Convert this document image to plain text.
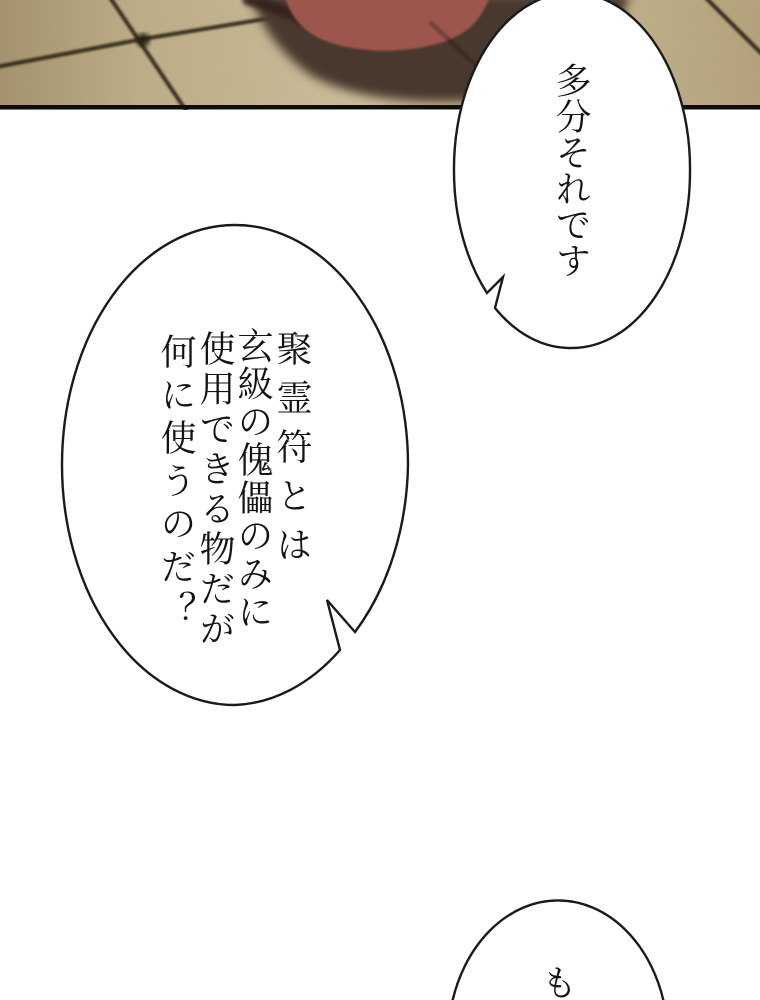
多分それです
聚霊符とは
玄級の傀儡のみに
使用できる物だが
何に使うのだ？
も
